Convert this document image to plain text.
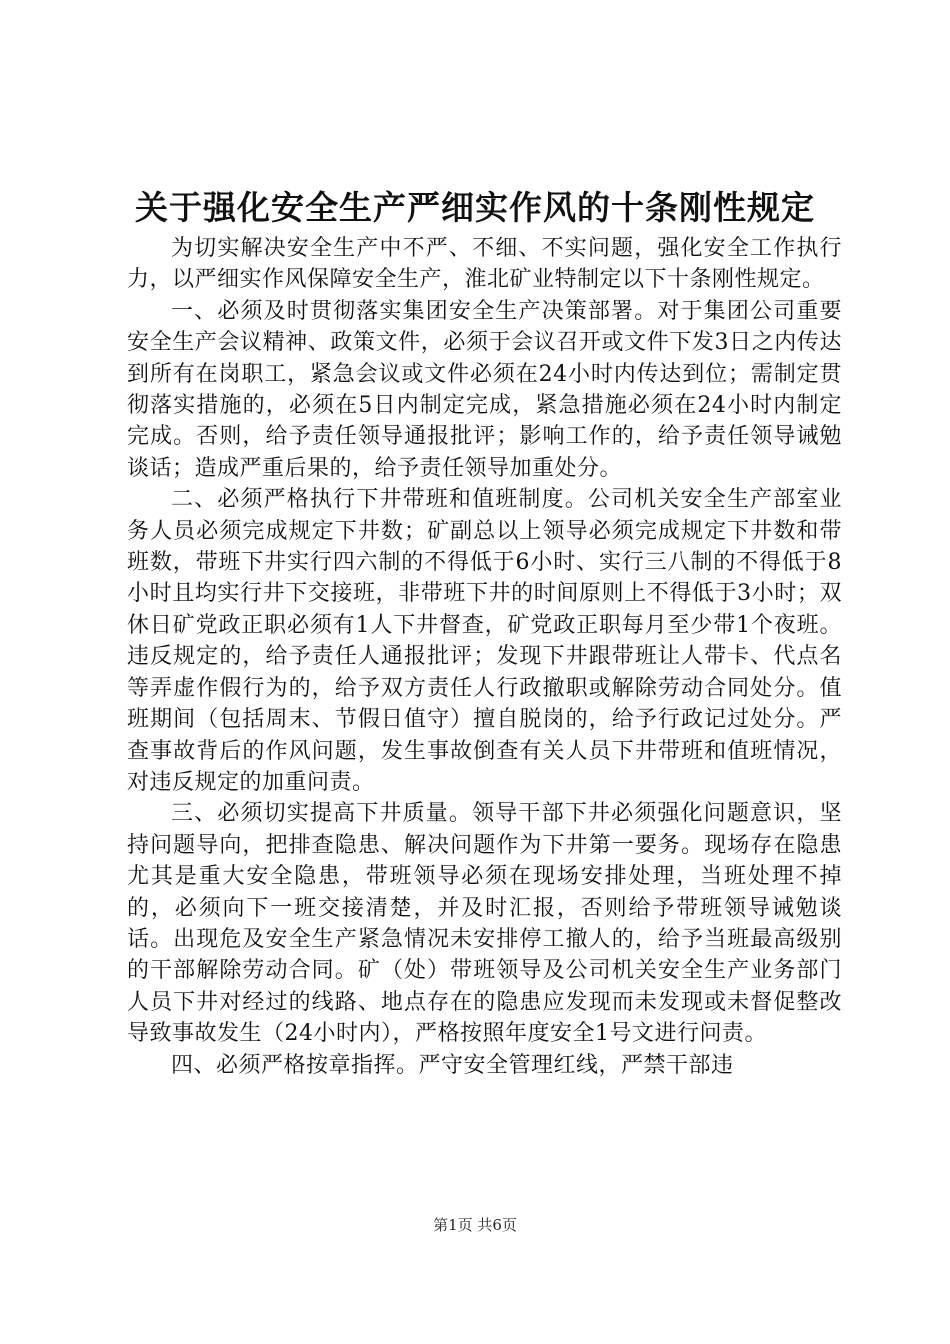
关于强化安全生产严细实作风的十条刚性规定

为切实解决安全生产中不严、不细、不实问题，强化安全工作执行力，以严细实作风保障安全生产，淮北矿业特制定以下十条刚性规定。

一、必须及时贯彻落实集团安全生产决策部署。对于集团公司重要安全生产会议精神、政策文件，必须于会议召开或文件下发3日之内传达到所有在岗职工，紧急会议或文件必须在24小时内传达到位；需制定贯彻落实措施的，必须在5日内制定完成，紧急措施必须在24小时内制定完成。否则，给予责任领导通报批评；影响工作的，给予责任领导诫勉谈话；造成严重后果的，给予责任领导加重处分。

二、必须严格执行下井带班和值班制度。公司机关安全生产部室业务人员必须完成规定下井数；矿副总以上领导必须完成规定下井数和带班数，带班下井实行四六制的不得低于6小时、实行三八制的不得低于8小时且均实行井下交接班，非带班下井的时间原则上不得低于3小时；双休日矿党政正职必须有1人下井督查，矿党政正职每月至少带1个夜班。违反规定的，给予责任人通报批评；发现下井跟带班让人带卡、代点名等弄虚作假行为的，给予双方责任人行政撤职或解除劳动合同处分。值班期间（包括周末、节假日值守）擅自脱岗的，给予行政记过处分。严查事故背后的作风问题，发生事故倒查有关人员下井带班和值班情况，对违反规定的加重问责。

三、必须切实提高下井质量。领导干部下井必须强化问题意识，坚持问题导向，把排查隐患、解决问题作为下井第一要务。现场存在隐患尤其是重大安全隐患，带班领导必须在现场安排处理，当班处理不掉的，必须向下一班交接清楚，并及时汇报，否则给予带班领导诫勉谈话。出现危及安全生产紧急情况未安排停工撤人的，给予当班最高级别的干部解除劳动合同。矿（处）带班领导及公司机关安全生产业务部门人员下井对经过的线路、地点存在的隐患应发现而未发现或未督促整改导致事故发生（24小时内），严格按照年度安全1号文进行问责。

四、必须严格按章指挥。严守安全管理红线，严禁干部违

第1页 共6页
